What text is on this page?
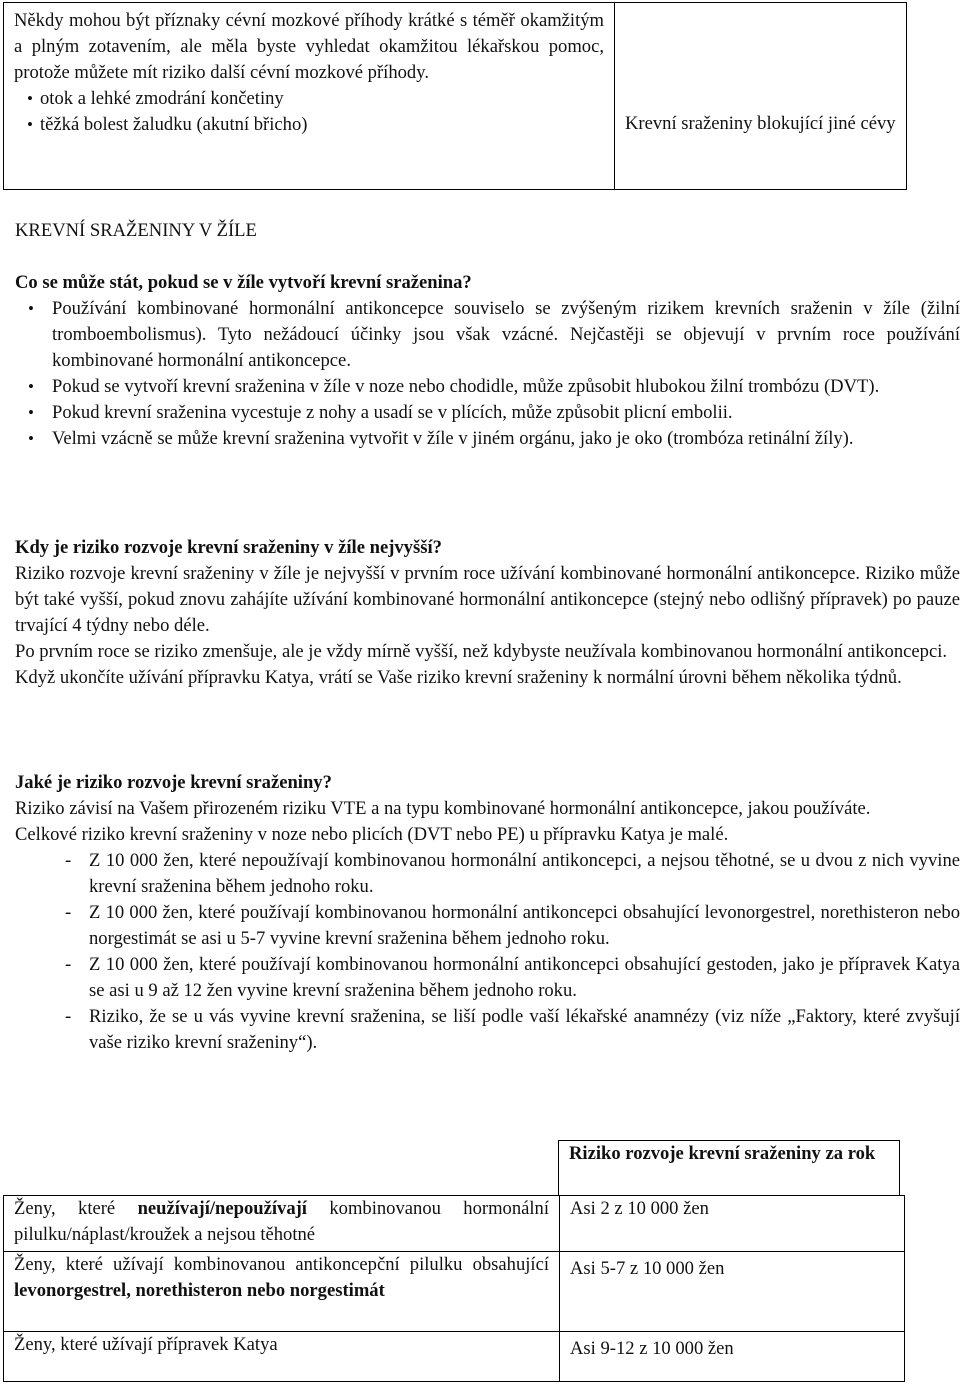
Někdy mohou být příznaky cévní mozkové příhody krátké s téměř okamžitým a plným zotavením, ale měla byste vyhledat okamžitou lékařskou pomoc, protože můžete mít riziko další cévní mozkové příhody.
• otok a lehké zmodrání končetiny
• těžká bolest žaludku (akutní břicho)	Krevní sraženiny blokující jiné cévy
KREVNÍ SRAŽENINY V ŽÍLE
Co se může stát, pokud se v žíle vytvoří krevní sraženina?
• Používání kombinované hormonální antikoncepce souviselo se zvýšeným rizikem krevních sraženin v žíle (žilní tromboembolismus). Tyto nežádoucí účinky jsou však vzácné. Nejčastěji se objevují v prvním roce používání kombinované hormonální antikoncepce.
• Pokud se vytvoří krevní sraženina v žíle v noze nebo chodidle, může způsobit hlubokou žilní trombózu (DVT).
• Pokud krevní sraženina vycestuje z nohy a usadí se v plících, může způsobit plicní embolii.
• Velmi vzácně se může krevní sraženina vytvořit v žíle v jiném orgánu, jako je oko (trombóza retinální žíly).
Kdy je riziko rozvoje krevní sraženiny v žíle nejvyšší?
Riziko rozvoje krevní sraženiny v žíle je nejvyšší v prvním roce užívání kombinované hormonální antikoncepce. Riziko může být také vyšší, pokud znovu zahájíte užívání kombinované hormonální antikoncepce (stejný nebo odlišný přípravek) po pauze trvající 4 týdny nebo déle.
Po prvním roce se riziko zmenšuje, ale je vždy mírně vyšší, než kdybyste neužívala kombinovanou hormonální antikoncepci.
Když ukončíte užívání přípravku Katya, vrátí se Vaše riziko krevní sraženiny k normální úrovni během několika týdnů.
Jaké je riziko rozvoje krevní sraženiny?
Riziko závisí na Vašem přirozeném riziku VTE a na typu kombinované hormonální antikoncepce, jakou používáte.
Celkové riziko krevní sraženiny v noze nebo plicích (DVT nebo PE) u přípravku Katya je malé.
- Z 10 000 žen, které nepoužívají kombinovanou hormonální antikoncepci, a nejsou těhotné, se u dvou z nich vyvine krevní sraženina během jednoho roku.
- Z 10 000 žen, které používají kombinovanou hormonální antikoncepci obsahující levonorgestrel, norethisteron nebo norgestimát se asi u 5-7 vyvine krevní sraženina během jednoho roku.
- Z 10 000 žen, které používají kombinovanou hormonální antikoncepci obsahující gestoden, jako je přípravek Katya se asi u 9 až 12 žen vyvine krevní sraženina během jednoho roku.
- Riziko, že se u vás vyvine krevní sraženina, se liší podle vaší lékařské anamnézy (viz níže „Faktory, které zvyšují vaše riziko krevní sraženiny“).
Riziko rozvoje krevní sraženiny za rok
Ženy, které neužívají/nepoužívají kombinovanou hormonální pilulku/náplast/kroužek a nejsou těhotné	Asi 2 z 10 000 žen
Ženy, které užívají kombinovanou antikoncepční pilulku obsahující levonorgestrel, norethisteron nebo norgestimát	Asi 5-7 z 10 000 žen
Ženy, které užívají přípravek Katya	Asi 9-12 z 10 000 žen
